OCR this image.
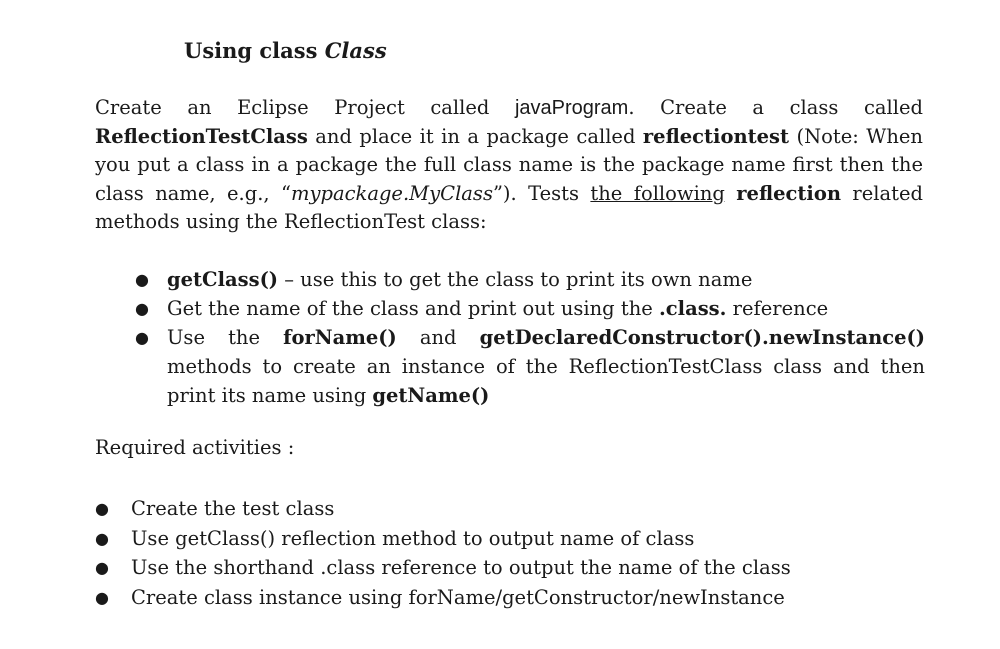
Using class Class

Create an Eclipse Project called javaProgram. Create a class called ReflectionTestClass and place it in a package called reflectiontest (Note: When you put a class in a package the full class name is the package name first then the class name, e.g., “mypackage.MyClass”). Tests the following reflection related methods using the ReflectionTest class:

● getClass() – use this to get the class to print its own name
● Get the name of the class and print out using the .class. reference
● Use the forName() and getDeclaredConstructor().newInstance() methods to create an instance of the ReflectionTestClass class and then print its name using getName()

Required activities :

● Create the test class
● Use getClass() reflection method to output name of class
● Use the shorthand .class reference to output the name of the class
● Create class instance using forName/getConstructor/newInstance
